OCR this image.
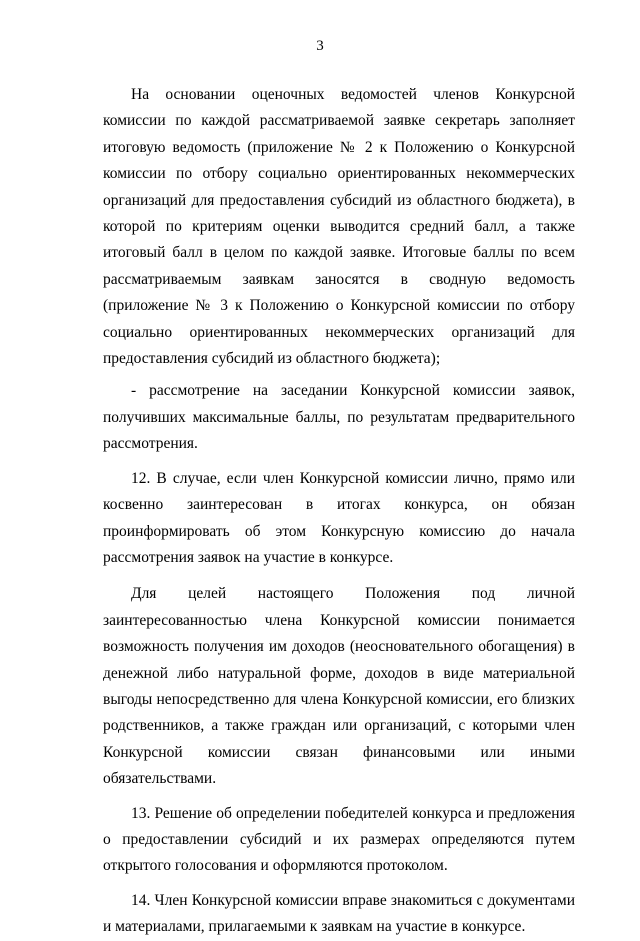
3

На основании оценочных ведомостей членов Конкурсной комиссии по каждой рассматриваемой заявке секретарь заполняет итоговую ведомость (приложение № 2 к Положению о Конкурсной комиссии по отбору социально ориентированных некоммерческих организаций для предоставления субсидий из областного бюджета), в которой по критериям оценки выводится средний балл, а также итоговый балл в целом по каждой заявке. Итоговые баллы по всем рассматриваемым заявкам заносятся в сводную ведомость (приложение № 3 к Положению о Конкурсной комиссии по отбору социально ориентированных некоммерческих организаций для предоставления субсидий из областного бюджета);

- рассмотрение на заседании Конкурсной комиссии заявок, получивших максимальные баллы, по результатам предварительного рассмотрения.

12. В случае, если член Конкурсной комиссии лично, прямо или косвенно заинтересован в итогах конкурса, он обязан проинформировать об этом Конкурсную комиссию до начала рассмотрения заявок на участие в конкурсе.

Для целей настоящего Положения под личной заинтересованностью члена Конкурсной комиссии понимается возможность получения им доходов (неосновательного обогащения) в денежной либо натуральной форме, доходов в виде материальной выгоды непосредственно для члена Конкурсной комиссии, его близких родственников, а также граждан или организаций, с которыми член Конкурсной комиссии связан финансовыми или иными обязательствами.

13. Решение об определении победителей конкурса и предложения о предоставлении субсидий и их размерах определяются путем открытого голосования и оформляются протоколом.

14. Член Конкурсной комиссии вправе знакомиться с документами и материалами, прилагаемыми к заявкам на участие в конкурсе.
